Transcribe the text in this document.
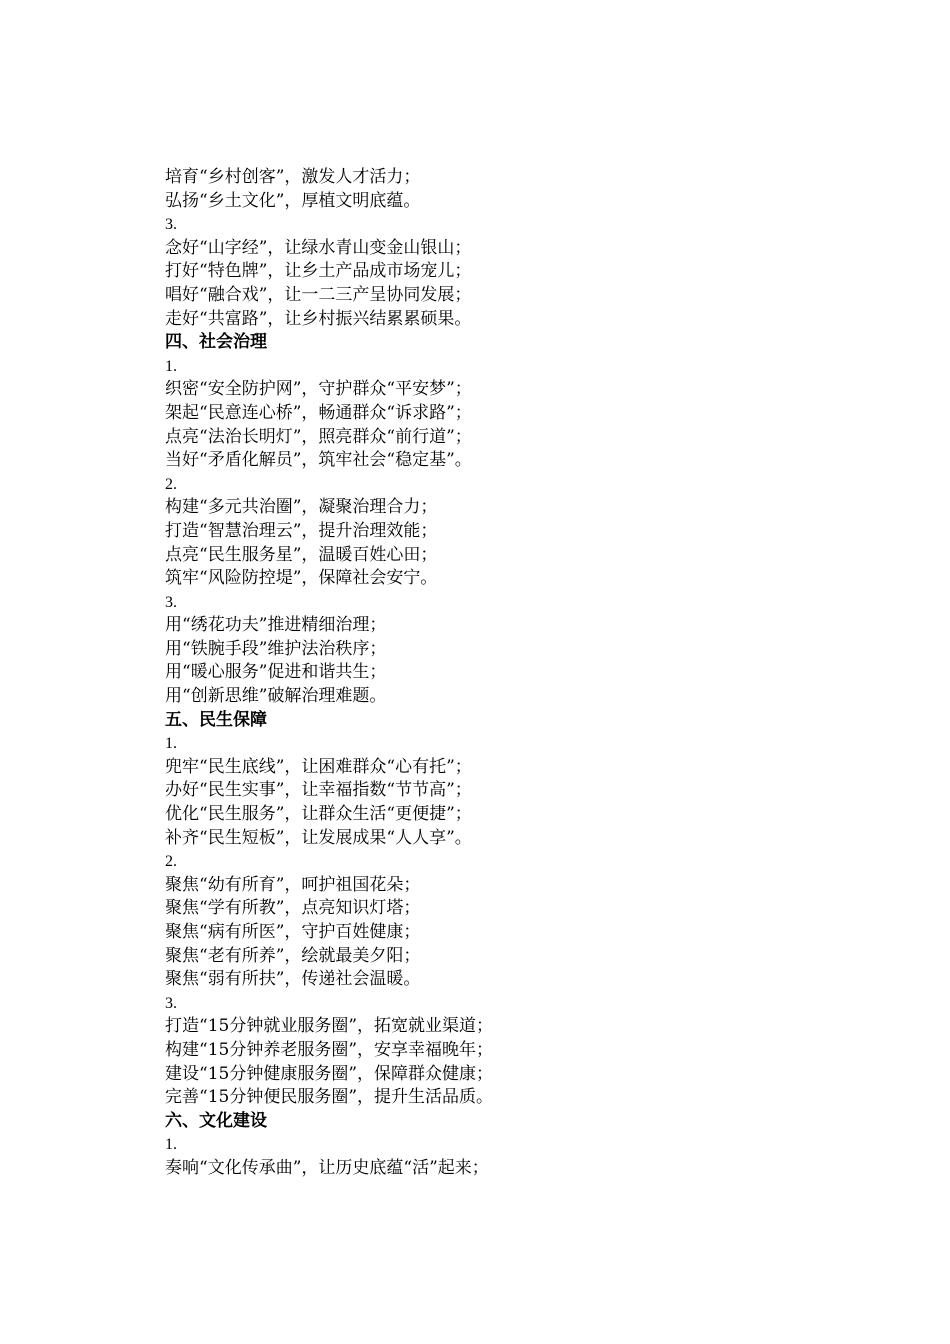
培育“乡村创客”，激发人才活力；
弘扬“乡土文化”，厚植文明底蕴。
3.
念好“山字经”，让绿水青山变金山银山；
打好“特色牌”，让乡土产品成市场宠儿；
唱好“融合戏”，让一二三产呈协同发展；
走好“共富路”，让乡村振兴结累累硕果。
四、社会治理
1.
织密“安全防护网”，守护群众“平安梦”；
架起“民意连心桥”，畅通群众“诉求路”；
点亮“法治长明灯”，照亮群众“前行道”；
当好“矛盾化解员”，筑牢社会“稳定基”。
2.
构建“多元共治圈”，凝聚治理合力；
打造“智慧治理云”，提升治理效能；
点亮“民生服务星”，温暖百姓心田；
筑牢“风险防控堤”，保障社会安宁。
3.
用“绣花功夫”推进精细治理；
用“铁腕手段”维护法治秩序；
用“暖心服务”促进和谐共生；
用“创新思维”破解治理难题。
五、民生保障
1.
兜牢“民生底线”，让困难群众“心有托”；
办好“民生实事”，让幸福指数“节节高”；
优化“民生服务”，让群众生活“更便捷”；
补齐“民生短板”，让发展成果“人人享”。
2.
聚焦“幼有所育”，呵护祖国花朵；
聚焦“学有所教”，点亮知识灯塔；
聚焦“病有所医”，守护百姓健康；
聚焦“老有所养”，绘就最美夕阳；
聚焦“弱有所扶”，传递社会温暖。
3.
打造“15分钟就业服务圈”，拓宽就业渠道；
构建“15分钟养老服务圈”，安享幸福晚年；
建设“15分钟健康服务圈”，保障群众健康；
完善“15分钟便民服务圈”，提升生活品质。
六、文化建设
1.
奏响“文化传承曲”，让历史底蕴“活”起来；
